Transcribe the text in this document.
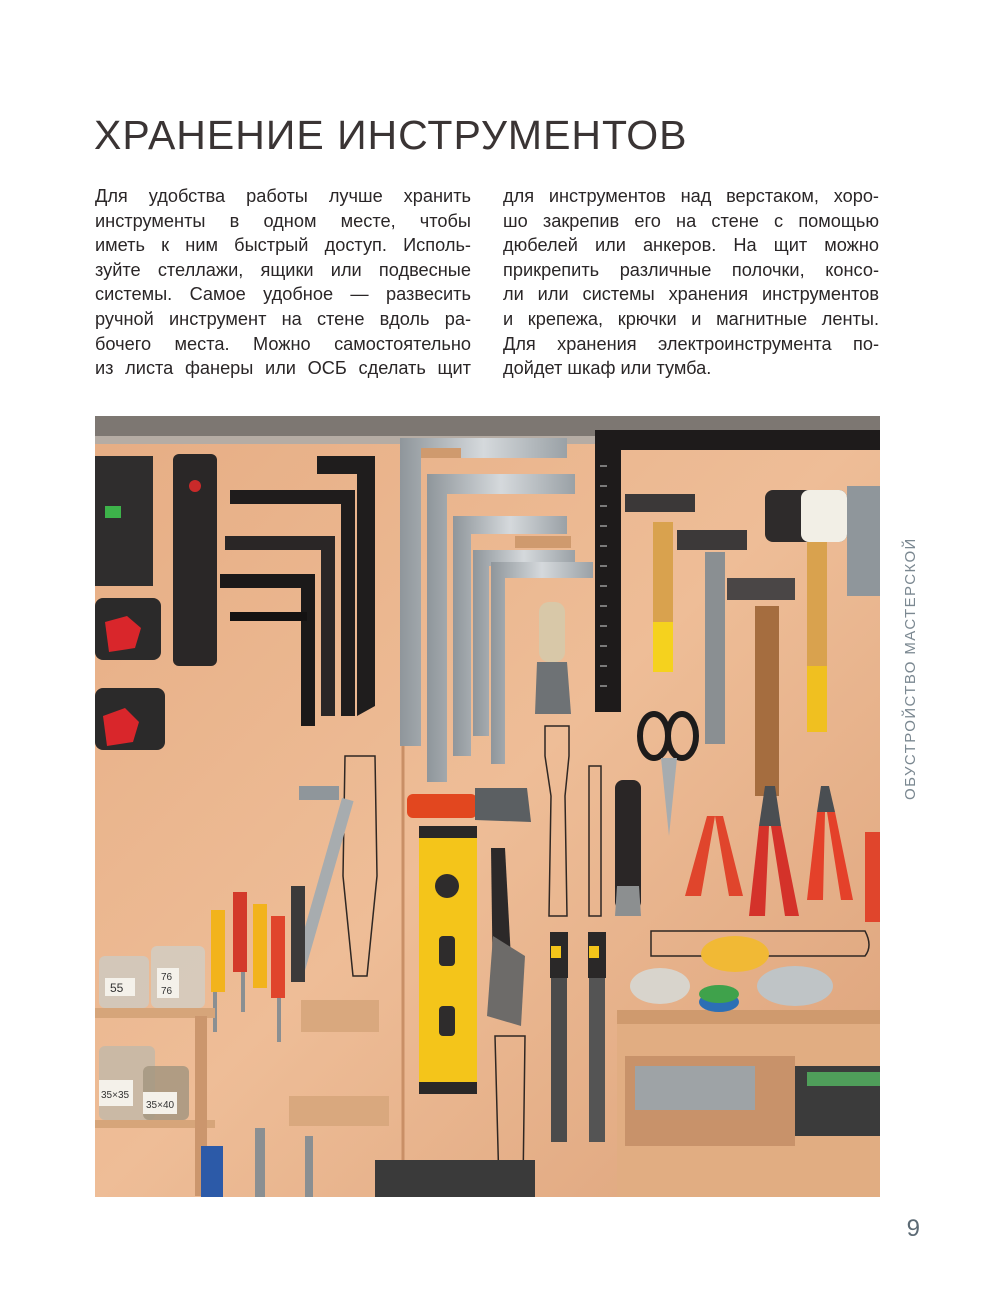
ХРАНЕНИЕ ИНСТРУМЕНТОВ
Для удобства работы лучше хранить
инструменты в одном месте, чтобы
иметь к ним быстрый доступ. Исполь-
зуйте стеллажи, ящики или подвесные
системы. Самое удобное — развесить
ручной инструмент на стене вдоль ра-
бочего места. Можно самостоятельно
из листа фанеры или ОСБ сделать щит
для инструментов над верстаком, хоро-
шо закрепив его на стене с помощью
дюбелей или анкеров. На щит можно
прикрепить различные полочки, консо-
ли или системы хранения инструментов
и крепежа, крючки и магнитные ленты.
Для хранения электроинструмента по-
дойдет шкаф или тумба.
55
76
76
35×35
35×40
ОБУСТРОЙСТВО МАСТЕРСКОЙ
9
